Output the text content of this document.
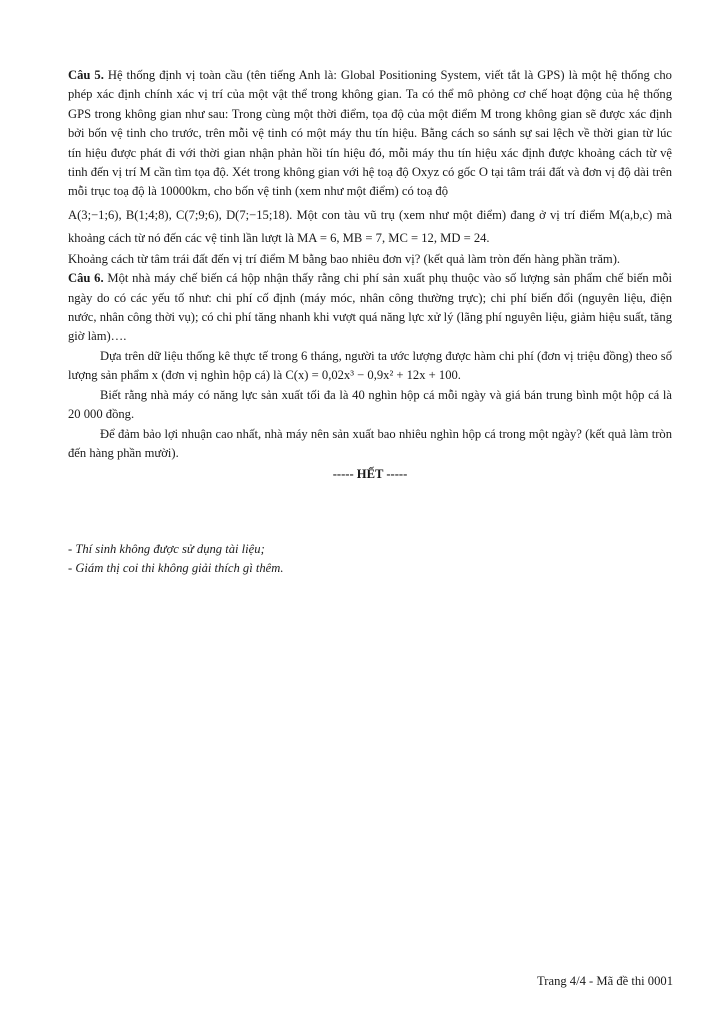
Câu 5. Hệ thống định vị toàn cầu (tên tiếng Anh là: Global Positioning System, viết tắt là GPS) là một hệ thống cho phép xác định chính xác vị trí của một vật thể trong không gian. Ta có thể mô phỏng cơ chế hoạt động của hệ thống GPS trong không gian như sau: Trong cùng một thời điểm, tọa độ của một điểm M trong không gian sẽ được xác định bởi bốn vệ tinh cho trước, trên mỗi vệ tinh có một máy thu tín hiệu. Bằng cách so sánh sự sai lệch về thời gian từ lúc tín hiệu được phát đi với thời gian nhận phản hồi tín hiệu đó, mỗi máy thu tín hiệu xác định được khoảng cách từ vệ tinh đến vị trí M cần tìm tọa độ. Xét trong không gian với hệ toạ độ Oxyz có gốc O tại tâm trái đất và đơn vị độ dài trên mỗi trục toạ độ là 10000km, cho bốn vệ tinh (xem như một điểm) có toạ độ

A(3;−1;6), B(1;4;8), C(7;9;6), D(7;−15;18). Một con tàu vũ trụ (xem như một điểm) đang ở vị trí điểm M(a,b,c) mà khoảng cách từ nó đến các vệ tinh lần lượt là MA = 6, MB = 7, MC = 12, MD = 24.

Khoảng cách từ tâm trái đất đến vị trí điểm M bằng bao nhiêu đơn vị? (kết quả làm tròn đến hàng phần trăm).

Câu 6. Một nhà máy chế biến cá hộp nhận thấy rằng chi phí sản xuất phụ thuộc vào số lượng sản phẩm chế biến mỗi ngày do có các yếu tố như: chi phí cố định (máy móc, nhân công thường trực); chi phí biến đổi (nguyên liệu, điện nước, nhân công thời vụ); có chi phí tăng nhanh khi vượt quá năng lực xử lý (lãng phí nguyên liệu, giảm hiệu suất, tăng giờ làm)….

Dựa trên dữ liệu thống kê thực tế trong 6 tháng, người ta ước lượng được hàm chi phí (đơn vị triệu đồng) theo số lượng sản phẩm x (đơn vị nghìn hộp cá) là C(x) = 0,02x³ − 0,9x² + 12x + 100.

Biết rằng nhà máy có năng lực sản xuất tối đa là 40 nghìn hộp cá mỗi ngày và giá bán trung bình một hộp cá là 20 000 đồng.

Để đảm bảo lợi nhuận cao nhất, nhà máy nên sản xuất bao nhiêu nghìn hộp cá trong một ngày? (kết quả làm tròn đến hàng phần mười).

----- HẾT -----

- Thí sinh không được sử dụng tài liệu;

- Giám thị coi thi không giải thích gì thêm.

Trang 4/4 - Mã đề thi 0001
